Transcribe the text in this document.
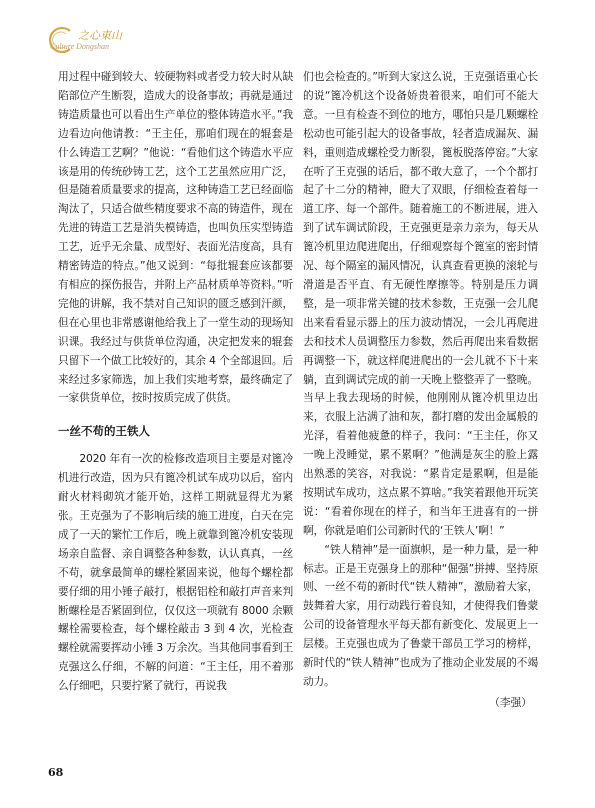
之心東山
Culture Dongshan

用过程中碰到较大、较硬物料或者受力较大时从缺陷部位产生断裂，造成大的设备事故；再就是通过铸造质量也可以看出生产单位的整体铸造水平。”我边看边向他请教：“王主任，那咱们现在的辊套是什么铸造工艺啊？”他说：“看他们这个铸造水平应该是用的传统砂铸工艺，这个工艺虽然应用广泛，但是随着质量要求的提高，这种铸造工艺已经面临淘汰了，只适合做些精度要求不高的铸造件，现在先进的铸造工艺是消失模铸造，也叫负压实型铸造工艺，近乎无余量、成型好、表面光洁度高，具有精密铸造的特点。”他又说到：“每批辊套应该都要有相应的探伤报告，并附上产品材质单等资料。”听完他的讲解，我不禁对自己知识的匮乏感到汗颜，但在心里也非常感谢他给我上了一堂生动的现场知识课。我经过与供货单位沟通，决定把发来的辊套只留下一个做工比较好的，其余 4 个全部退回。后来经过多家筛选，加上我们实地考察，最终确定了一家供货单位，按时按质完成了供货。

一丝不苟的王铁人

2020 年有一次的检修改造项目主要是对篦冷机进行改造，因为只有篦冷机试车成功以后，窑内耐火材料砌筑才能开始，这样工期就显得尤为紧张。王克强为了不影响后续的施工进度，白天在完成了一天的繁忙工作后，晚上就靠到篦冷机安装现场亲自监督、亲自调整各种参数，认认真真，一丝不苟，就拿最简单的螺栓紧固来说，他每个螺栓都要仔细的用小锤子敲打，根据铝栓和敲打声音来判断螺栓是否紧固到位，仅仅这一项就有 8000 余颗螺栓需要检查，每个螺栓敲击 3 到 4 次，光检查螺栓就需要挥动小锤 3 万余次。当其他同事看到王克强这么仔细，不解的问道：“王主任，用不着那么仔细吧，只要拧紧了就行，再说我

们也会检查的。”听到大家这么说，王克强语重心长的说“篦冷机这个设备娇贵着很来，咱们可不能大意。一旦有检查不到位的地方，哪怕只是几颗螺栓松动也可能引起大的设备事故，轻者造成漏灰、漏料，重则造成螺栓受力断裂，篦板脱落停窑。”大家在听了王克强的话后，都不敢大意了，一个个都打起了十二分的精神，瞪大了双眼，仔细检查着每一道工序、每一个部件。随着施工的不断进展，进入到了试车调试阶段，王克强更是亲力亲为，每天从篦冷机里边爬进爬出，仔细观察每个篦室的密封情况、每个隔室的漏风情况，认真查看更换的滚轮与滑道是否平直、有无硬性摩擦等。特别是压力调整，是一项非常关键的技术参数，王克强一会儿爬出来看看显示器上的压力波动情况，一会儿再爬进去和技术人员调整压力参数，然后再爬出来看数据再调整一下，就这样爬进爬出的一会儿就不下十来躺，直到调试完成的前一天晚上整整弄了一整晚。当早上我去现场的时候，他刚刚从篦冷机里边出来，衣服上沾满了油和灰，都打磨的发出金属般的光泽，看着他疲惫的样子，我问：“王主任，你又一晚上没睡觉，累不累啊？”他满是灰尘的脸上露出熟悉的笑容，对我说：“累肯定是累啊，但是能按期试车成功，这点累不算啥。”我笑着跟他开玩笑说：“看着你现在的样子，和当年王进喜有的一拼啊，你就是咱们公司新时代的‘王铁人’啊！”

“铁人精神”是一面旗帜，是一种力量，是一种标志。正是王克强身上的那种“倔强”拼搏、坚持原则、一丝不苟的新时代“铁人精神”，激励着大家，鼓舞着大家，用行动践行着良知，才使得我们鲁蒙公司的设备管理水平每天都有新变化、发展更上一层楼。王克强也成为了鲁蒙干部员工学习的榜样，新时代的“铁人精神”也成为了推动企业发展的不竭动力。

（李强）
68
